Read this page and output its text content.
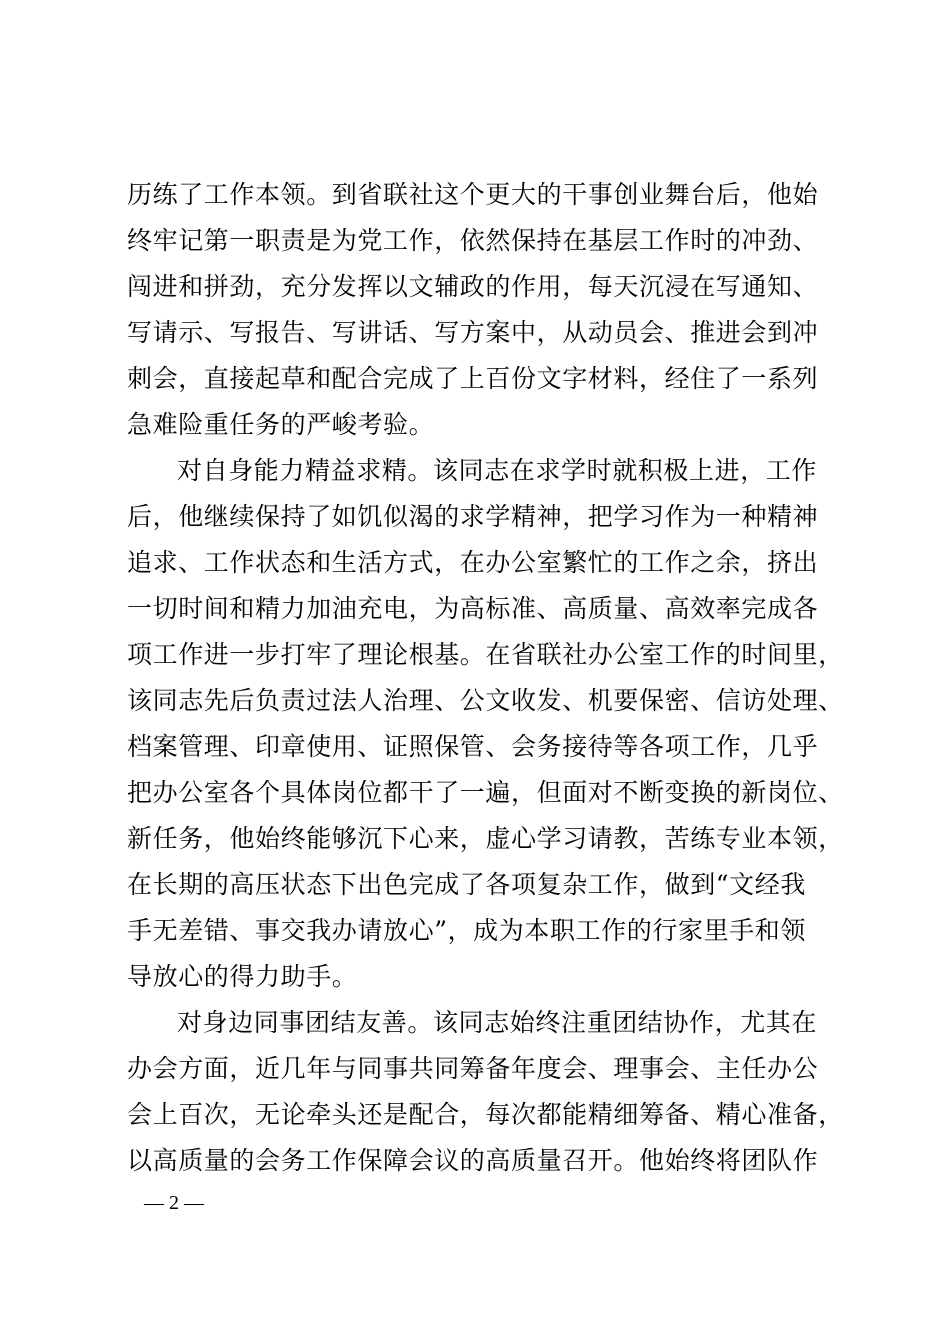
历练了工作本领。到省联社这个更大的干事创业舞台后，他始
终牢记第一职责是为党工作，依然保持在基层工作时的冲劲、
闯进和拼劲，充分发挥以文辅政的作用，每天沉浸在写通知、
写请示、写报告、写讲话、写方案中，从动员会、推进会到冲
刺会，直接起草和配合完成了上百份文字材料，经住了一系列
急难险重任务的严峻考验。
对自身能力精益求精。该同志在求学时就积极上进，工作
后，他继续保持了如饥似渴的求学精神，把学习作为一种精神
追求、工作状态和生活方式，在办公室繁忙的工作之余，挤出
一切时间和精力加油充电，为高标准、高质量、高效率完成各
项工作进一步打牢了理论根基。在省联社办公室工作的时间里，
该同志先后负责过法人治理、公文收发、机要保密、信访处理、
档案管理、印章使用、证照保管、会务接待等各项工作，几乎
把办公室各个具体岗位都干了一遍，但面对不断变换的新岗位、
新任务，他始终能够沉下心来，虚心学习请教，苦练专业本领，
在长期的高压状态下出色完成了各项复杂工作，做到“文经我
手无差错、事交我办请放心”，成为本职工作的行家里手和领
导放心的得力助手。
对身边同事团结友善。该同志始终注重团结协作，尤其在
办会方面，近几年与同事共同筹备年度会、理事会、主任办公
会上百次，无论牵头还是配合，每次都能精细筹备、精心准备，
以高质量的会务工作保障会议的高质量召开。他始终将团队作
— 2 —
